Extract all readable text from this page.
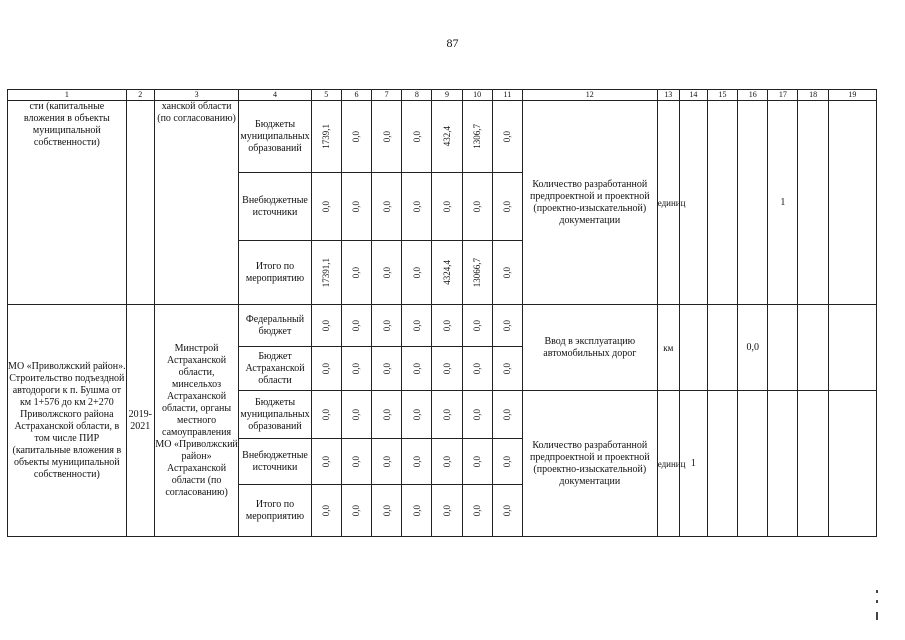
87
1	2	3	4	5	6	7	8	9	10	11	12	13	14	15	16	17	18	19
сти (капитальные вложения в объекты муниципальной собственности)		ханской области (по согласованию)	Бюджеты муниципальных образований	1739,1	0,0	0,0	0,0	432,4	1306,7	0,0	Количество разработанной предпроектной и проектной (проектно-изыскательной) документации	единиц				1		
			Внебюджетные источники	0,0	0,0	0,0	0,0	0,0	0,0	0,0								

			Итого по мероприятию	17391,1	0,0	0,0	0,0	4324,4	13066,7	0,0								

МО «Приволжский район». Строительство подъездной автодороги к п. Бушма от км 1+576 до км 2+270 Приволжского района Астраханской области, в том числе ПИР (капитальные вложения в объекты муниципальной собственности)	2019-2021	Минстрой Астраханской области, минсельхоз Астраханской области, органы местного самоуправления МО «Приволжский район» Астраханской области (по согласованию)	Федеральный бюджет	0,0	0,0	0,0	0,0	0,0	0,0	0,0	Ввод в эксплуатацию автомобильных дорог	км			0,0			
			Бюджет Астраханской области	0,0	0,0	0,0	0,0	0,0	0,0	0,0								

			Бюджеты муниципальных образований	0,0	0,0	0,0	0,0	0,0	0,0	0,0	Количество разработанной предпроектной и проектной (проектно-изыскательной) документации	единиц	1					
			Внебюджетные источники	0,0	0,0	0,0	0,0	0,0	0,0	0,0								

			Итого по мероприятию	0,0	0,0	0,0	0,0	0,0	0,0	0,0								
